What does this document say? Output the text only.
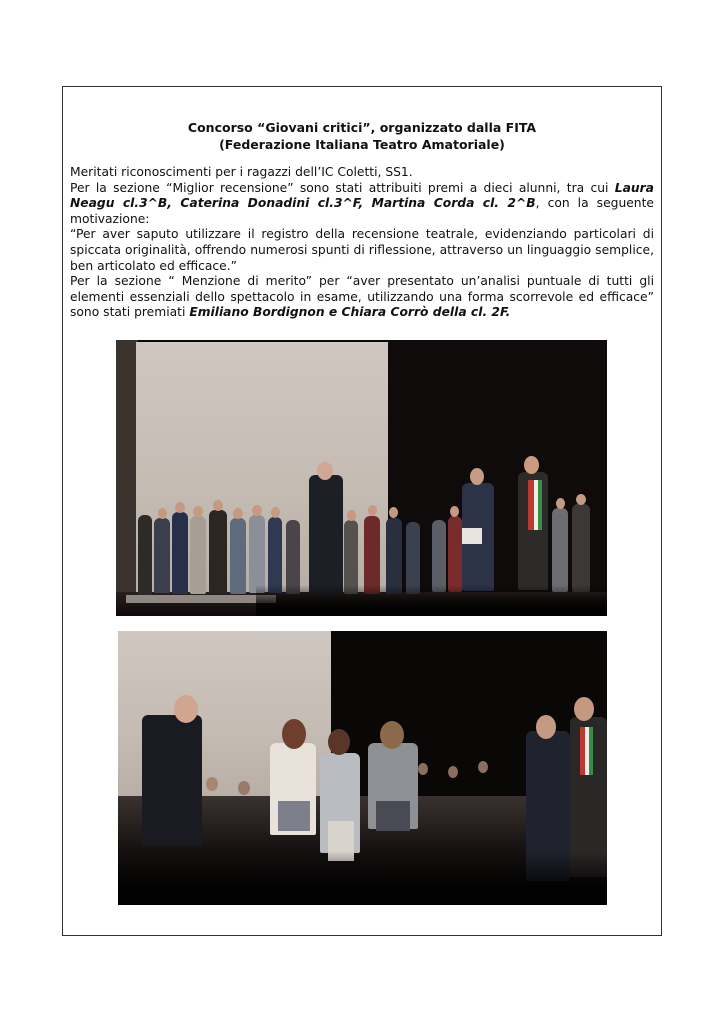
Concorso “Giovani critici”, organizzato dalla FITA
(Federazione Italiana Teatro Amatoriale)

Meritati riconoscimenti per i ragazzi dell’IC Coletti, SS1.

Per la sezione “Miglior recensione” sono stati attribuiti premi a dieci alunni, tra cui Laura Neagu cl.3^B, Caterina Donadini cl.3^F, Martina Corda cl. 2^B, con la seguente motivazione:

“Per aver saputo utilizzare il registro della recensione teatrale, evidenziando particolari di spiccata originalità, offrendo numerosi spunti di riflessione, attraverso un linguaggio semplice, ben articolato ed efficace.”

Per la sezione “ Menzione di merito” per “aver presentato un’analisi puntuale di tutti gli elementi essenziali dello spettacolo in esame, utilizzando una forma scorrevole ed efficace” sono stati premiati Emiliano Bordignon e Chiara Corrò della cl. 2F.
